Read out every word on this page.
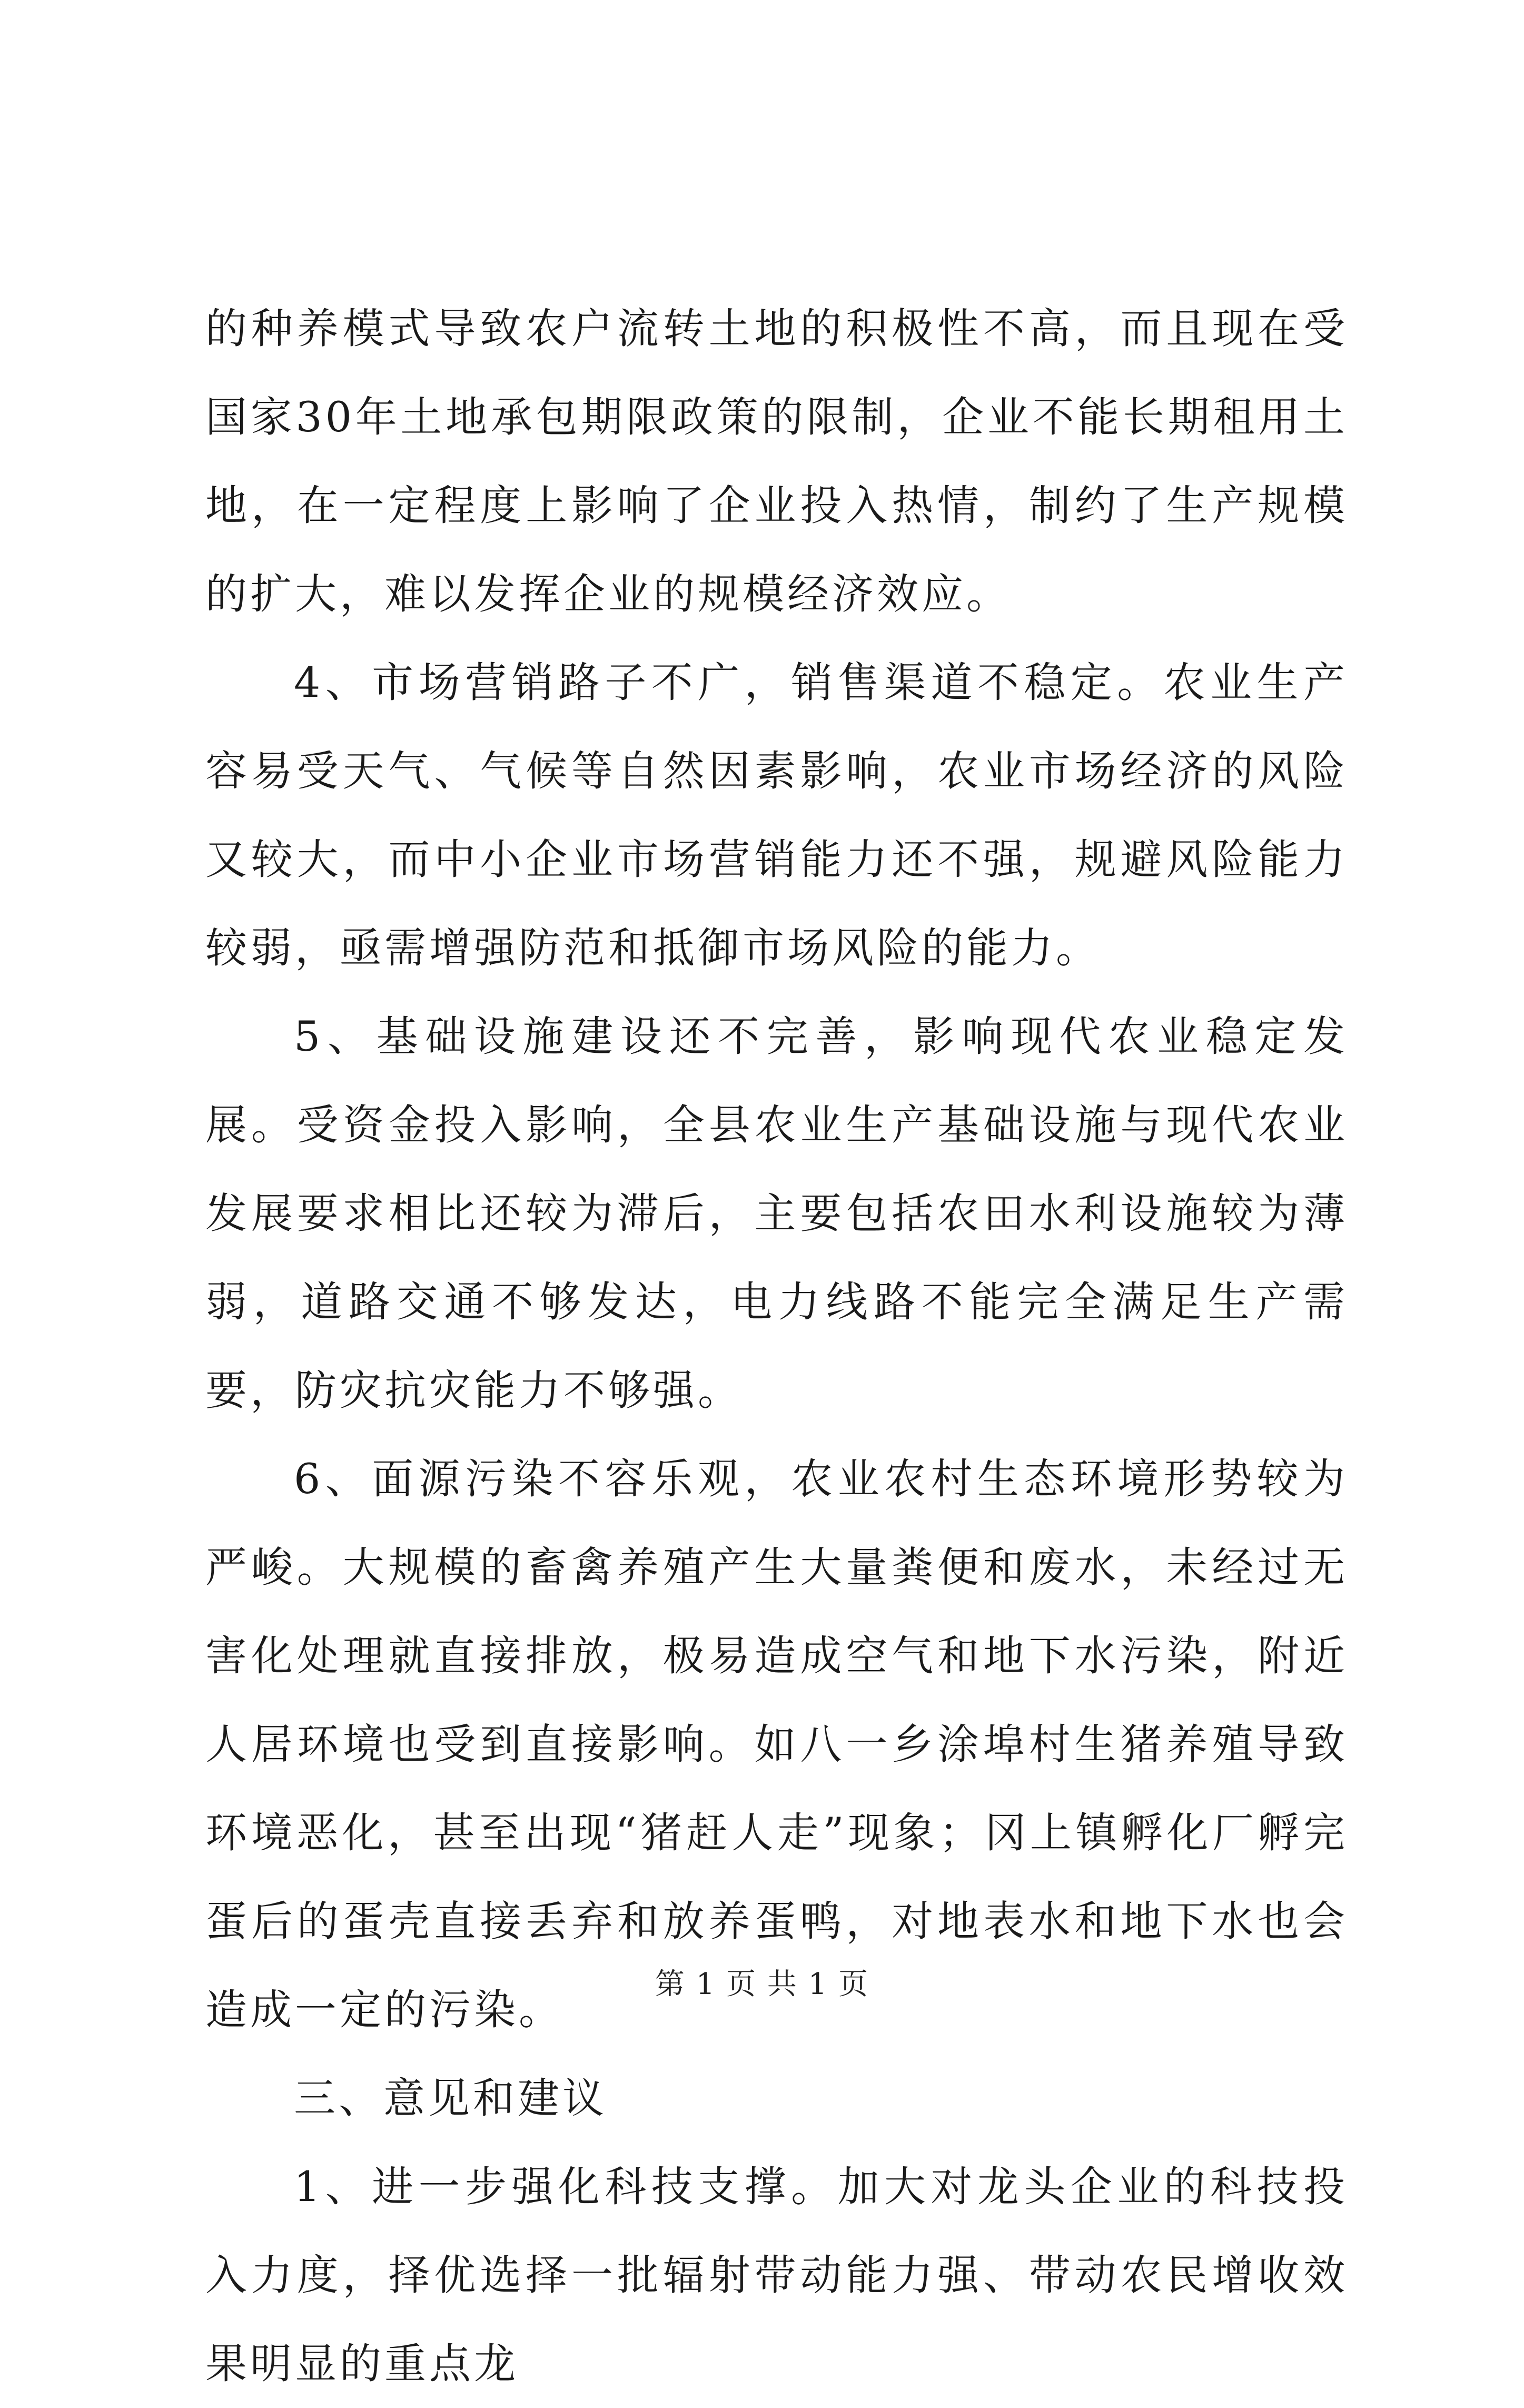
的种养模式导致农户流转土地的积极性不高，而且现在受国家30年土地承包期限政策的限制，企业不能长期租用土地，在一定程度上影响了企业投入热情，制约了生产规模的扩大，难以发挥企业的规模经济效应。

4、市场营销路子不广，销售渠道不稳定。农业生产容易受天气、气候等自然因素影响，农业市场经济的风险又较大，而中小企业市场营销能力还不强，规避风险能力较弱，亟需增强防范和抵御市场风险的能力。

5、基础设施建设还不完善，影响现代农业稳定发展。受资金投入影响，全县农业生产基础设施与现代农业发展要求相比还较为滞后，主要包括农田水利设施较为薄弱，道路交通不够发达，电力线路不能完全满足生产需要，防灾抗灾能力不够强。

6、面源污染不容乐观，农业农村生态环境形势较为严峻。大规模的畜禽养殖产生大量粪便和废水，未经过无害化处理就直接排放，极易造成空气和地下水污染，附近人居环境也受到直接影响。如八一乡涂埠村生猪养殖导致环境恶化，甚至出现“猪赶人走”现象；冈上镇孵化厂孵完蛋后的蛋壳直接丢弃和放养蛋鸭，对地表水和地下水也会造成一定的污染。

三、意见和建议

1、进一步强化科技支撑。加大对龙头企业的科技投入力度，择优选择一批辐射带动能力强、带动农民增收效果明显的重点龙

第 1 页 共 1 页
